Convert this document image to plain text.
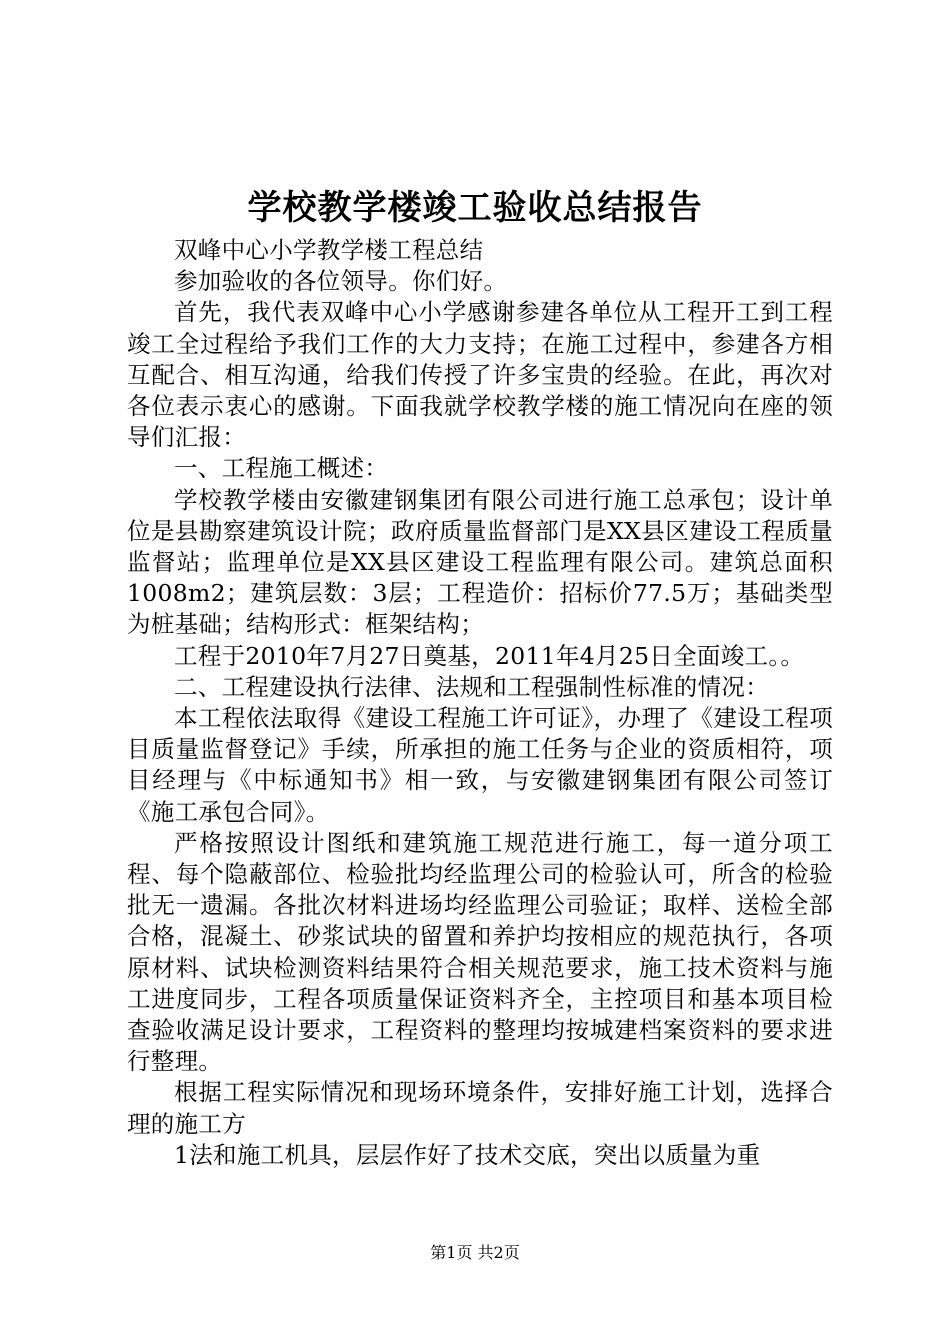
学校教学楼竣工验收总结报告

双峰中心小学教学楼工程总结

参加验收的各位领导。你们好。

首先，我代表双峰中心小学感谢参建各单位从工程开工到工程竣工全过程给予我们工作的大力支持；在施工过程中，参建各方相互配合、相互沟通，给我们传授了许多宝贵的经验。在此，再次对各位表示衷心的感谢。下面我就学校教学楼的施工情况向在座的领导们汇报：

一、工程施工概述：

学校教学楼由安徽建钢集团有限公司进行施工总承包；设计单位是县勘察建筑设计院；政府质量监督部门是XX县区建设工程质量监督站；监理单位是XX县区建设工程监理有限公司。建筑总面积1008m2；建筑层数：3层；工程造价：招标价77.5万；基础类型为桩基础；结构形式：框架结构；

工程于2010年7月27日奠基，2011年4月25日全面竣工。。

二、工程建设执行法律、法规和工程强制性标准的情况：

本工程依法取得《建设工程施工许可证》，办理了《建设工程项目质量监督登记》手续，所承担的施工任务与企业的资质相符，项目经理与《中标通知书》相一致，与安徽建钢集团有限公司签订《施工承包合同》。

严格按照设计图纸和建筑施工规范进行施工，每一道分项工程、每个隐蔽部位、检验批均经监理公司的检验认可，所含的检验批无一遗漏。各批次材料进场均经监理公司验证；取样、送检全部合格，混凝土、砂浆试块的留置和养护均按相应的规范执行，各项原材料、试块检测资料结果符合相关规范要求，施工技术资料与施工进度同步，工程各项质量保证资料齐全，主控项目和基本项目检查验收满足设计要求，工程资料的整理均按城建档案资料的要求进行整理。

根据工程实际情况和现场环境条件，安排好施工计划，选择合理的施工方

1法和施工机具，层层作好了技术交底，突出以质量为重

第1页 共2页
